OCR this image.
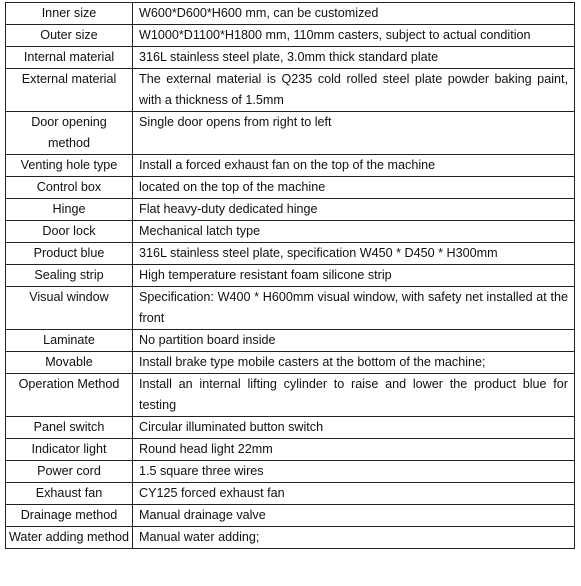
Inner size	W600*D600*H600 mm, can be customized
Outer size	W1000*D1100*H1800 mm, 110mm casters, subject to actual condition
Internal material	316L stainless steel plate, 3.0mm thick standard plate
External material	The external material is Q235 cold rolled steel plate powder baking paint, with a thickness of 1.5mm
Door opening method	Single door opens from right to left
Venting hole type	Install a forced exhaust fan on the top of the machine
Control box	located on the top of the machine
Hinge	Flat heavy-duty dedicated hinge
Door lock	Mechanical latch type
Product blue	316L stainless steel plate, specification W450 * D450 * H300mm
Sealing strip	High temperature resistant foam silicone strip
Visual window	Specification: W400 * H600mm visual window, with safety net installed at the front
Laminate	No partition board inside
Movable	Install brake type mobile casters at the bottom of the machine;
Operation Method	Install an internal lifting cylinder to raise and lower the product blue for testing
Panel switch	Circular illuminated button switch
Indicator light	Round head light 22mm
Power cord	1.5 square three wires
Exhaust fan	CY125 forced exhaust fan
Drainage method	Manual drainage valve
Water adding method	Manual water adding;
